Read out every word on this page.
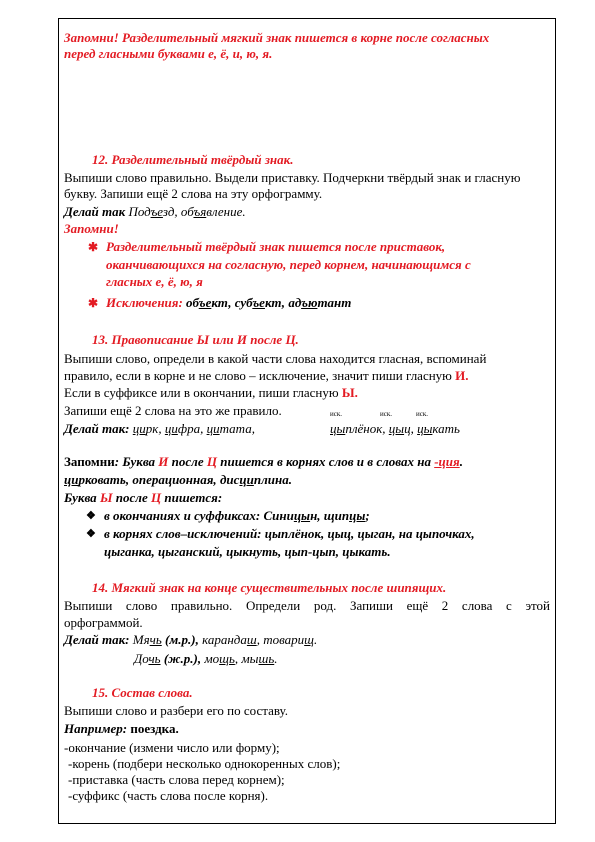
Запомни! Разделительный мягкий знак пишется в корне после согласных
перед гласными буквами е, ё, и, ю, я.
12. Разделительный твёрдый знак.
Выпиши слово правильно. Выдели приставку. Подчеркни твёрдый знак и гласную
букву. Запиши ещё 2 слова на эту орфограмму.
Делай так Подъезд, объявление.
Запомни!
✱ Разделительный твёрдый знак пишется после приставок,
оканчивающихся на согласную, перед корнем, начинающимся с
гласных е, ё, ю, я
✱ Исключения: объект, субъект, адъютант
13. Правописание Ы или И после Ц.
Выпиши слово, определи в какой части слова находится гласная, вспоминай
правило, если в корне и не слово – исключение, значит пиши гласную И.
Если в суффиксе или в окончании, пиши гласную Ы.
Запиши ещё 2 слова на это же правило.	иск.	иск.	иск.
Делай так: цирк, цифра, цитата,	цыплёнок, цыц, цыкать
Запомни: Буква И после Ц пишется в корнях слов и в словах на -ция.
цирковать, операционная, дисциплина.
Буква Ы после Ц пишется:
❖ в окончаниях и суффиксах: Синицын, щипцы;
❖ в корнях слов–исключений: цыплёнок, цыц, цыган, на цыпочках,
цыганка, цыганский, цыкнуть, цып-цып, цыкать.
14. Мягкий знак на конце существительных после шипящих.
Выпиши слово правильно. Определи род. Запиши ещё 2 слова с этой
орфограммой.
Делай так: Мячь (м.р.), карандаш, товарищ.
Дочь (ж.р.), мощь, мышь.
15. Состав слова.
Выпиши слово и разбери его по составу.
Например: поездка.
-окончание (измени число или форму);
-корень (подбери несколько однокоренных слов);
-приставка (часть слова перед корнем);
-суффикс (часть слова после корня).
